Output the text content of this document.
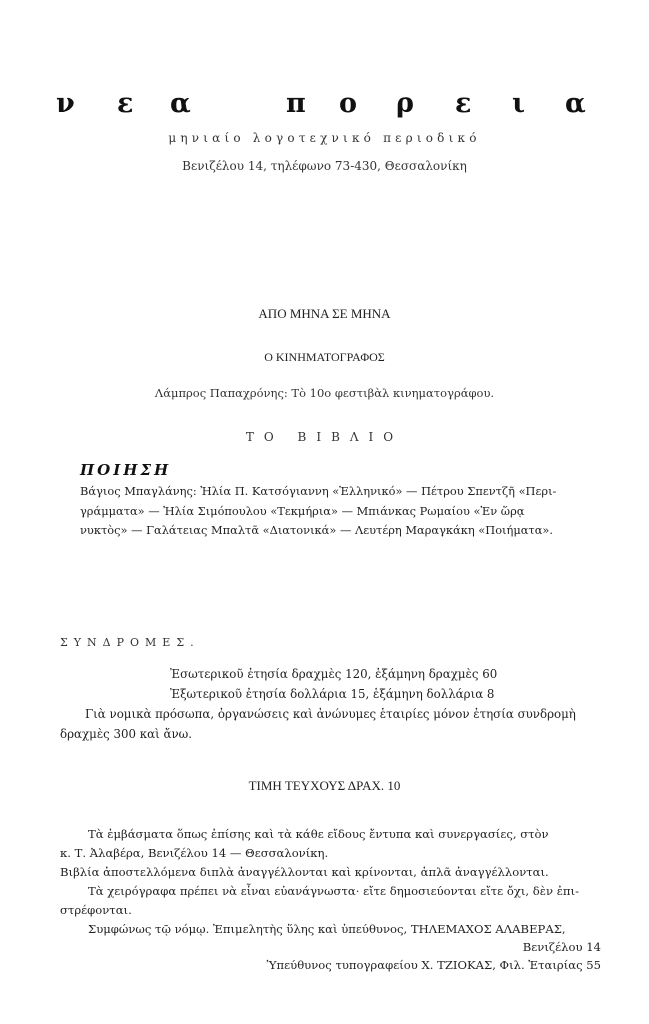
ν ε α	π ο ρ ε ι α
μηνιαίο λογοτεχνικό περιοδικό
Βενιζέλου 14, τηλέφωνο 73-430, Θεσσαλονίκη
ΑΠΟ ΜΗΝΑ ΣΕ ΜΗΝΑ
Ο ΚΙΝΗΜΑΤΟΓΡΑΦΟΣ
Λάμπρος Παπαχρόνης: Τὸ 10ο φεστιβὰλ κινηματογράφου.
ΤΟ ΒΙΒΛΙΟ
ΠΟΙΗΣΗ
Βάγιος Μπαγλάνης: Ἠλία Π. Κατσόγιαννη «Ἑλληνικό» — Πέτρου Σπεντζῆ «Περι-
γράμματα» — Ἠλία Σιμόπουλου «Τεκμήρια» — Μπιάνκας Ρωμαίου «Ἐν ὥρᾳ
νυκτὸς» — Γαλάτειας Μπαλτᾶ «Διατονικά» — Λευτέρη Μαραγκάκη «Ποιήματα».
ΣΥΝΔΡΟΜΕΣ.
Ἐσωτερικοῦ ἐτησία δραχμὲς 120, ἑξάμηνη δραχμὲς 60
Ἐξωτερικοῦ ἐτησία δολλάρια 15, ἑξάμηνη δολλάρια 8
Γιὰ νομικὰ πρόσωπα, ὀργανώσεις καὶ ἀνώνυμες ἑταιρίες μόνον ἐτησία συνδρομὴ
δραχμὲς 300 καὶ ἄνω.
ΤΙΜΗ ΤΕΥΧΟΥΣ ΔΡΑΧ. 10
Τὰ ἐμβάσματα ὅπως ἐπίσης καὶ τὰ κάθε εἴδους ἔντυπα καὶ συνεργασίες, στὸν
κ. Τ. Ἀλαβέρα, Βενιζέλου 14 — Θεσσαλονίκη.
Βιβλία ἀποστελλόμενα διπλὰ ἀναγγέλλονται καὶ κρίνονται, ἁπλᾶ ἀναγγέλλονται.
Τὰ χειρόγραφα πρέπει νὰ εἶναι εὐανάγνωστα· εἴτε δημοσιεύονται εἴτε ὄχι, δὲν ἐπι-
στρέφονται.
Συμφώνως τῷ νόμῳ. Ἐπιμελητὴς ὕλης καὶ ὑπεύθυνος, ΤΗΛΕΜΑΧΟΣ ΑΛΑΒΕΡΑΣ,
Βενιζέλου 14
Ὑπεύθυνος τυπογραφείου Χ. ΤΖΙΟΚΑΣ, Φιλ. Ἑταιρίας 55
